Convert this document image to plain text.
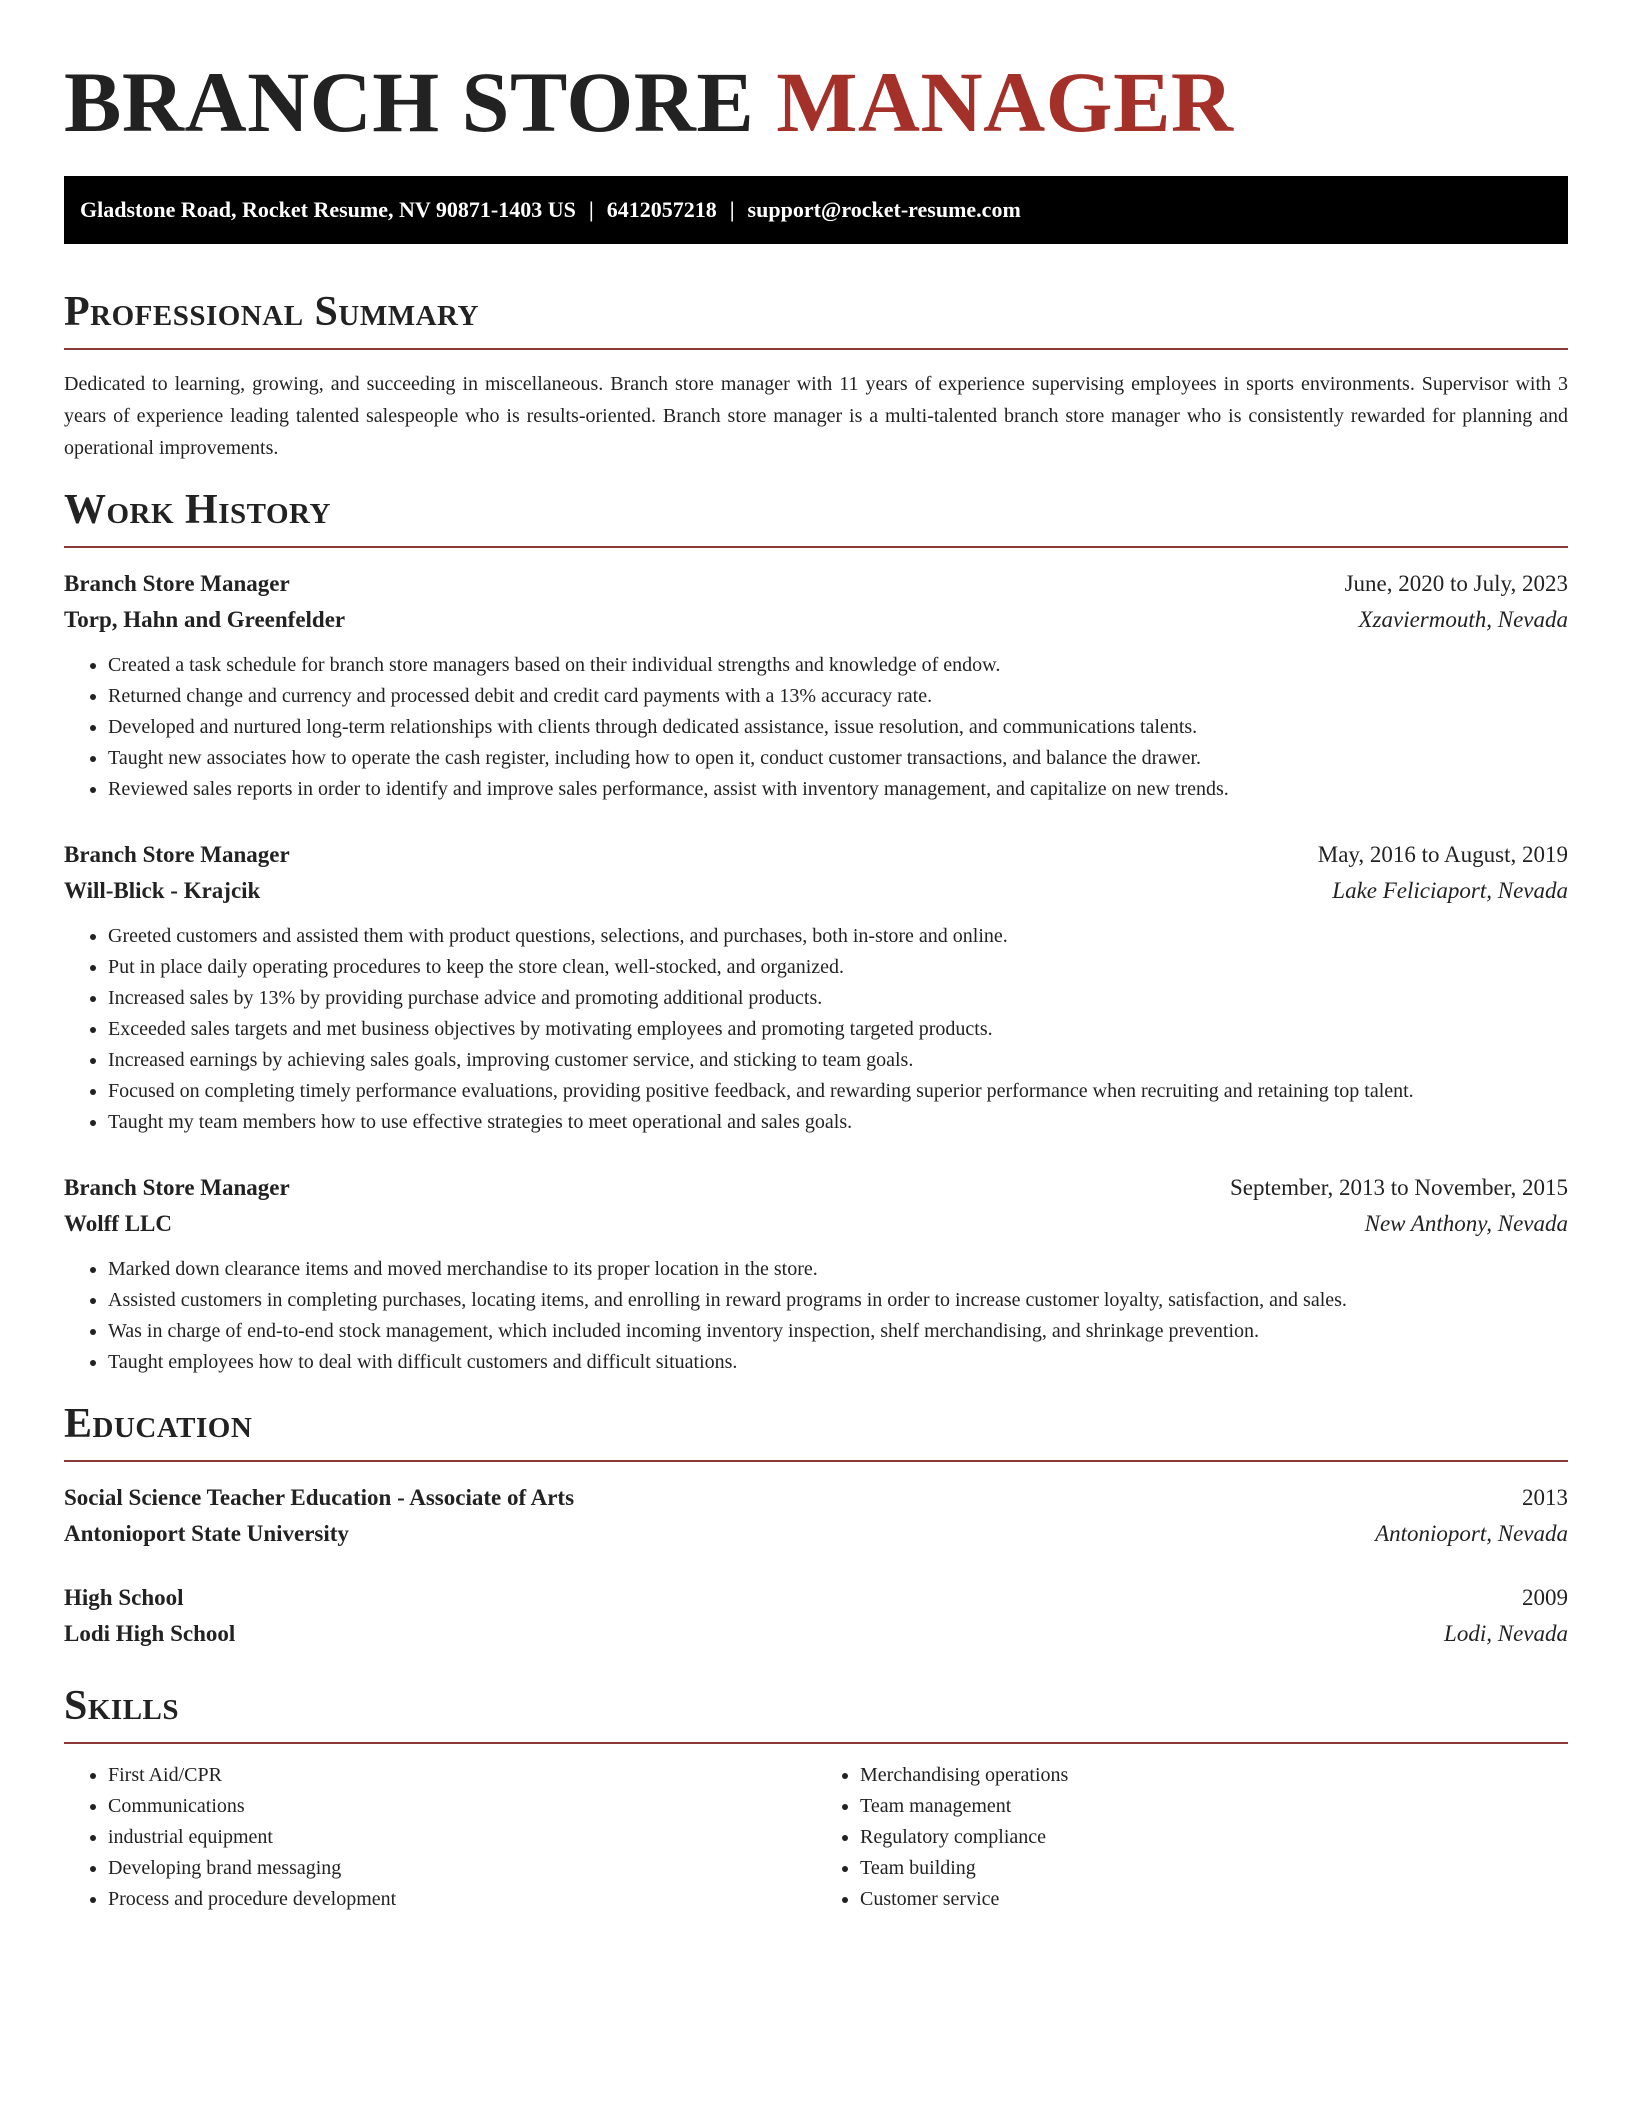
BRANCH STORE MANAGER
Gladstone Road, Rocket Resume, NV 90871-1403 US | 6412057218 | support@rocket-resume.com
Professional Summary

Dedicated to learning, growing, and succeeding in miscellaneous. Branch store manager with 11 years of experience supervising employees in sports environments. Supervisor with 3 years of experience leading talented salespeople who is results-oriented. Branch store manager is a multi-talented branch store manager who is consistently rewarded for planning and operational improvements.

Work History
Branch Store Manager	June, 2020 to July, 2023
Torp, Hahn and Greenfelder	Xzaviermouth, Nevada
• Created a task schedule for branch store managers based on their individual strengths and knowledge of endow.
• Returned change and currency and processed debit and credit card payments with a 13% accuracy rate.
• Developed and nurtured long-term relationships with clients through dedicated assistance, issue resolution, and communications talents.
• Taught new associates how to operate the cash register, including how to open it, conduct customer transactions, and balance the drawer.
• Reviewed sales reports in order to identify and improve sales performance, assist with inventory management, and capitalize on new trends.
Branch Store Manager	May, 2016 to August, 2019
Will-Blick - Krajcik	Lake Feliciaport, Nevada
• Greeted customers and assisted them with product questions, selections, and purchases, both in-store and online.
• Put in place daily operating procedures to keep the store clean, well-stocked, and organized.
• Increased sales by 13% by providing purchase advice and promoting additional products.
• Exceeded sales targets and met business objectives by motivating employees and promoting targeted products.
• Increased earnings by achieving sales goals, improving customer service, and sticking to team goals.
• Focused on completing timely performance evaluations, providing positive feedback, and rewarding superior performance when recruiting and retaining top talent.
• Taught my team members how to use effective strategies to meet operational and sales goals.
Branch Store Manager	September, 2013 to November, 2015
Wolff LLC	New Anthony, Nevada
• Marked down clearance items and moved merchandise to its proper location in the store.
• Assisted customers in completing purchases, locating items, and enrolling in reward programs in order to increase customer loyalty, satisfaction, and sales.
• Was in charge of end-to-end stock management, which included incoming inventory inspection, shelf merchandising, and shrinkage prevention.
• Taught employees how to deal with difficult customers and difficult situations.
Education
Social Science Teacher Education - Associate of Arts	2013
Antonioport State University	Antonioport, Nevada
High School	2009
Lodi High School	Lodi, Nevada
Skills
• First Aid/CPR
• Communications
• industrial equipment
• Developing brand messaging
• Process and procedure development
• Merchandising operations
• Team management
• Regulatory compliance
• Team building
• Customer service
